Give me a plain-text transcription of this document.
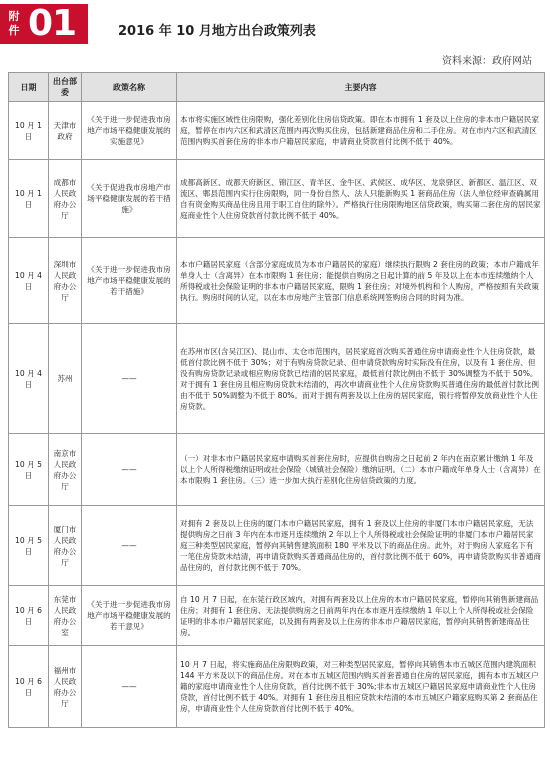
附
件 01	2016 年 10 月地方出台政策列表
资料来源：政府网站
日期	出台部委	政策名称	主要内容
10 月 1 日	天津市政府	《关于进一步促进我市房地产市场平稳健康发展的实施意见》	本市将实施区域性住房限购，强化差别化住房信贷政策。即在本市拥有 1 套及以上住房的非本市户籍居民家庭，暂停在市内六区和武清区范围内再次购买住房，包括新建商品住房和二手住房。对在市内六区和武清区范围内购买首套住房的非本市户籍居民家庭，申请商业贷款首付比例不低于 40%。
10 月 1 日	成都市人民政府办公厅	《关于促进我市房地产市场平稳健康发展的若干措施》	成都高新区、成都天府新区、锦江区、青羊区、金牛区、武侯区、成华区、龙泉驿区、新都区、温江区、双流区、郫县范围内实行住房限购，同一身份自然人、法人只能新购买 1 套商品住房（法人单位经审查确属用自有资金购买商品住房且用于职工自住的除外）。严格执行住房限购地区信贷政策，购买第二套住房的居民家庭商业性个人住房贷款首付款比例不低于 40%。
10 月 4 日	深圳市人民政府办公厅	《关于进一步促进我市房地产市场平稳健康发展的若干措施》	本市户籍居民家庭（含部分家庭成员为本市户籍居民的家庭）继续执行限购 2 套住房的政策；本市户籍成年单身人士（含离异）在本市限购 1 套住房；能提供自购房之日起计算的前 5 年及以上在本市连续缴纳个人所得税或社会保险证明的非本市户籍居民家庭，限购 1 套住房；对境外机构和个人购房，严格按照有关政策执行。购房时间的认定，以在本市房地产主管部门信息系统网签购房合同的时间为准。
10 月 4 日	苏州	——	在苏州市区(含吴江区)、昆山市、太仓市范围内，居民家庭首次购买普通住房申请商业性个人住房贷款，最低首付款比例不低于 30%；对于有购房贷款记录、但申请贷款购房时实际没有住房，以及有 1 套住房、但没有购房贷款记录或相应购房贷款已结清的居民家庭，最低首付款比例由不低于 30%调整为不低于 50%。对于拥有 1 套住房且相应购房贷款未结清的，再次申请商业性个人住房贷款购买普通住房的最低首付款比例由不低于 50%调整为不低于 80%。而对于拥有两套及以上住房的居民家庭，银行将暂停发放商业性个人住房贷款。
10 月 5 日	南京市人民政府办公厅	——	（一）对非本市户籍居民家庭申请购买首套住房时，应提供自购房之日起前 2 年内在南京累计缴纳 1 年及以上个人所得税缴纳证明或社会保险（城镇社会保险）缴纳证明。（二）本市户籍成年单身人士（含离异）在本市限购 1 套住房。（三）进一步加大执行差别化住房信贷政策的力度。
10 月 5 日	厦门市人民政府办公厅	——	对拥有 2 套及以上住房的厦门本市户籍居民家庭，拥有 1 套及以上住房的非厦门本市户籍居民家庭，无法提供购房之日前 3 年内在本市逐月连续缴纳 2 年以上个人所得税或社会保险证明的非厦门本市户籍居民家庭三种类型居民家庭，暂停向其销售建筑面积 180 平米及以下的商品住房。此外，对于购房人家庭名下有一笔住房贷款未结清，再申请贷款购买普通商品住房的，首付款比例不低于 60%，再申请贷款购买非普通商品住房的，首付款比例不低于 70%。
10 月 6 日	东莞市人民政府办公室	《关于进一步促进我市房地产市场平稳健康发展的若干意见》	自 10 月 7 日起，在东莞行政区域内，对拥有两套及以上住房的本市户籍居民家庭，暂停向其销售新建商品住房；对拥有 1 套住房、无法提供购房之日前两年内在本市逐月连续缴纳 1 年以上个人所得税或社会保险证明的非本市户籍居民家庭，以及拥有两套及以上住房的非本市户籍居民家庭，暂停向其销售新建商品住房。
10 月 6 日	福州市人民政府办公厅	——	10 月 7 日起，将实施商品住房限购政策，对三种类型居民家庭，暂停向其销售本市五城区范围内建筑面积 144 平方米及以下的商品住房。对在本市五城区范围内购买首套普通自住房的居民家庭，拥有本市五城区户籍的家庭申请商业性个人住房贷款，首付比例不低于 30%;非本市五城区户籍居民家庭申请商业性个人住房贷款，首付比例不低于 40%。对拥有 1 套住房且相应贷款未结清的本市五城区户籍家庭购买第 2 套商品住房，申请商业性个人住房贷款首付比例不低于 40%。
